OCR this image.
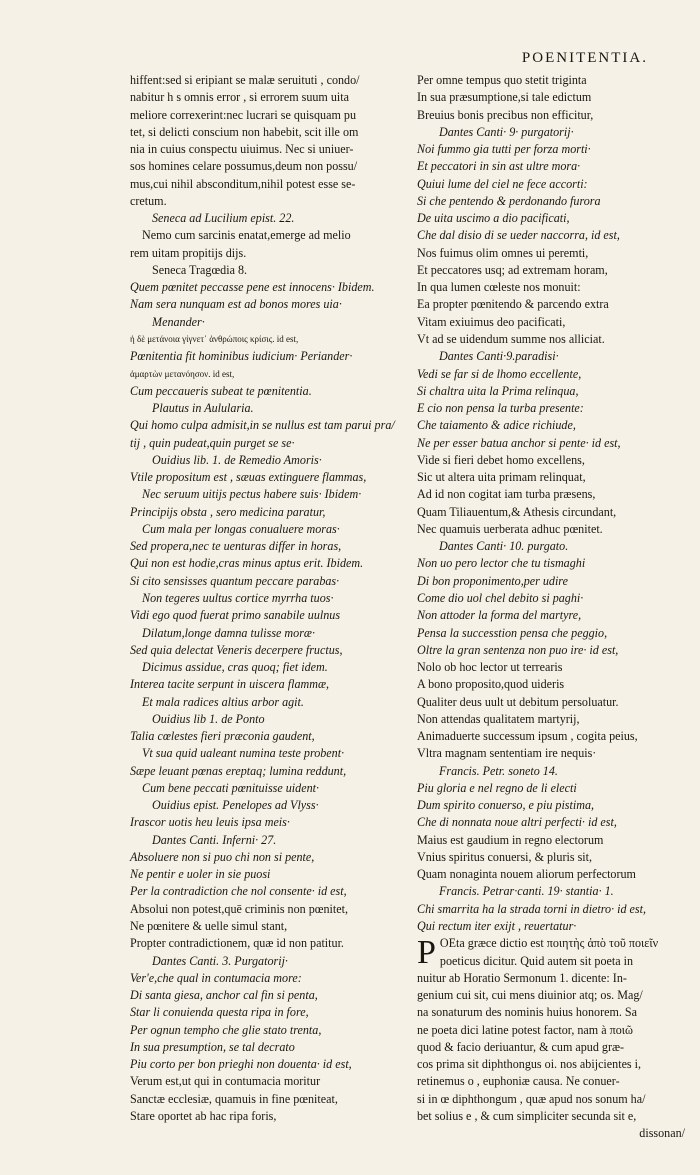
POENITENTIA.
hiffent:sed si eripiant se malæ seruituti , condo/
nabitur h s omnis error , si errorem suum uita
meliore correxerint:nec lucrari se quisquam pu
tet, si delicti conscium non habebit, scit ille om
nia in cuius conspectu uiuimus. Nec si uniuer-
sos homines celare possumus,deum non possu/
mus,cui nihil absconditum,nihil potest esse se-
cretum.
Seneca ad Lucilium epist. 22.
Nemo cum sarcinis enatat,emerge ad melio
rem uitam propitijs dijs.
Seneca Tragœdia 8.
Quem pœnitet peccasse pene est innocens· Ibidem.
Nam sera nunquam est ad bonos mores uia·
Menander·
ἡ δὲ μετάνοια γίγνετ᾽ ἀνθρώποις κρίσις. id est,
Pœnitentia fit hominibus iudicium· Periander·
ἁμαρτὼν μετανόησον. id est,
Cum peccaueris subeat te pœnitentia.
Plautus in Aulularia.
Qui homo culpa admisit,in se nullus est tam parui pra/
tij , quin pudeat,quin purget se se·
Ouidius lib. 1. de Remedio Amoris·
Vtile propositum est , sæuas extinguere flammas,
Nec seruum uitijs pectus habere suis· Ibidem·
Principijs obsta , sero medicina paratur,
Cum mala per longas conualuere moras·
Sed propera,nec te uenturas differ in horas,
Qui non est hodie,cras minus aptus erit. Ibidem.
Si cito sensisses quantum peccare parabas·
Non tegeres uultus cortice myrrha tuos·
Vidi ego quod fuerat primo sanabile uulnus
Dilatum,longe damna tulisse moræ·
Sed quia delectat Veneris decerpere fructus,
Dicimus assidue, cras quoq; fiet idem.
Interea tacite serpunt in uiscera flammæ,
Et mala radices altius arbor agit.
Ouidius lib 1. de Ponto
Talia cœlestes fieri præconia gaudent,
Vt sua quid ualeant numina teste probent·
Sæpe leuant pœnas ereptaq; lumina reddunt,
Cum bene peccati pœnituisse uident·
Ouidius epist. Penelopes ad Vlyss·
Irascor uotis heu leuis ipsa meis·
Dantes Canti. Inferni· 27.
Absoluere non si puo chi non si pente,
Ne pentir e uoler in sie puosi
Per la contradiction che nol consente· id est,
Absolui non potest,quē criminis non pœnitet,
Ne pœnitere & uelle simul stant,
Propter contradictionem, quæ id non patitur.
Dantes Canti. 3. Purgatorij·
Ver'e,che qual in contumacia more:
Di santa giesa, anchor cal fin si penta,
Star li conuienda questa ripa in fore,
Per ognun tempho che glie stato trenta,
In sua presumption, se tal decrato
Piu corto per bon prieghi non douenta· id est,
Verum est,ut qui in contumacia moritur
Sanctæ ecclesiæ, quamuis in fine pœniteat,
Stare oportet ab hac ripa foris,
Per omne tempus quo stetit triginta
In sua præsumptione,si tale edictum
Breuius bonis precibus non efficitur,
Dantes Canti· 9· purgatorij·
Noi fummo gia tutti per forza morti·
Et peccatori in sin ast ultre mora·
Quiui lume del ciel ne fece accorti:
Si che pentendo & perdonando furora
De uita uscimo a dio pacificati,
Che dal disio di se ueder naccorra, id est,
Nos fuimus olim omnes ui peremti,
Et peccatores usq; ad extremam horam,
In qua lumen cœleste nos monuit:
Ea propter pœnitendo & parcendo extra
Vitam exiuimus deo pacificati,
Vt ad se uidendum summe nos alliciat.
Dantes Canti·9.paradisi·
Vedi se far si de lhomo eccellente,
Si chaltra uita la Prima relinqua,
E cio non pensa la turba presente:
Che taiamento & adice richiude,
Ne per esser batua anchor si pente· id est,
Vide si fieri debet homo excellens,
Sic ut altera uita primam relinquat,
Ad id non cogitat iam turba præsens,
Quam Tiliauentum,& Athesis circundant,
Nec quamuis uerberata adhuc pœnitet.
Dantes Canti· 10. purgato.
Non uo pero lector che tu tismaghi
Di bon proponimento,per udire
Come dio uol chel debito si paghi·
Non attoder la forma del martyre,
Pensa la successtion pensa che peggio,
Oltre la gran sentenza non puo ire· id est,
Nolo ob hoc lector ut terrearis
A bono proposito,quod uideris
Qualiter deus uult ut debitum persoluatur.
Non attendas qualitatem martyrij,
Animaduerte successum ipsum , cogita peius,
Vltra magnam sententiam ire nequis·
Francis. Petr. soneto 14.
Piu gloria e nel regno de li electi
Dum spirito conuerso, e piu pistima,
Che di nonnata noue altri perfecti· id est,
Maius est gaudium in regno electorum
Vnius spiritus conuersi, & pluris sit,
Quam nonaginta nouem aliorum perfectorum
Francis. Petrar·canti. 19· stantia· 1.
Chi smarrita ha la strada torni in dietro· id est,
Qui rectum iter exijt , reuertatur·
P OEta græce dictio est ποιητὴς ἀπὸ τοῦ ποιεῖν
poeticus dicitur. Quid autem sit poeta in
nuitur ab Horatio Sermonum 1. dicente: In-
genium cui sit, cui mens diuinior atq; os. Mag/
na sonaturum des nominis huius honorem. Sa
ne poeta dici latine potest factor, nam à ποιῶ
quod & facio deriuantur, & cum apud græ-
cos prima sit diphthongus oi. nos abijcientes i,
retinemus o , euphoniæ causa. Ne conuer-
si in œ diphthongum , quæ apud nos sonum ha/
bet solius e , & cum simpliciter secunda sit e,
dissonan/
